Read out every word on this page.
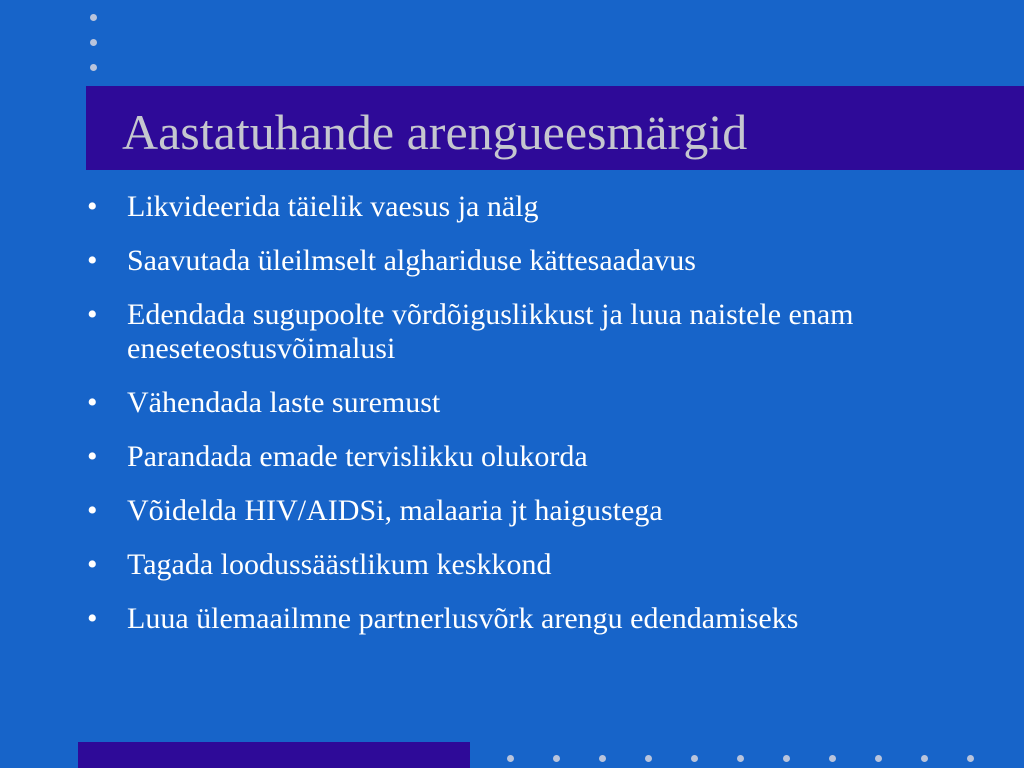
Aastatuhande arengueesmärgid
• Likvideerida täielik vaesus ja nälg
• Saavutada üleilmselt alghariduse kättesaadavus
• Edendada sugupoolte võrdõiguslikkust ja luua naistele enam eneseteostusvõimalusi
• Vähendada laste suremust
• Parandada emade tervislikku olukorda
• Võidelda HIV/AIDSi, malaaria jt haigustega
• Tagada loodussäästlikum keskkond
• Luua ülemaailmne partnerlusvõrk arengu edendamiseks
